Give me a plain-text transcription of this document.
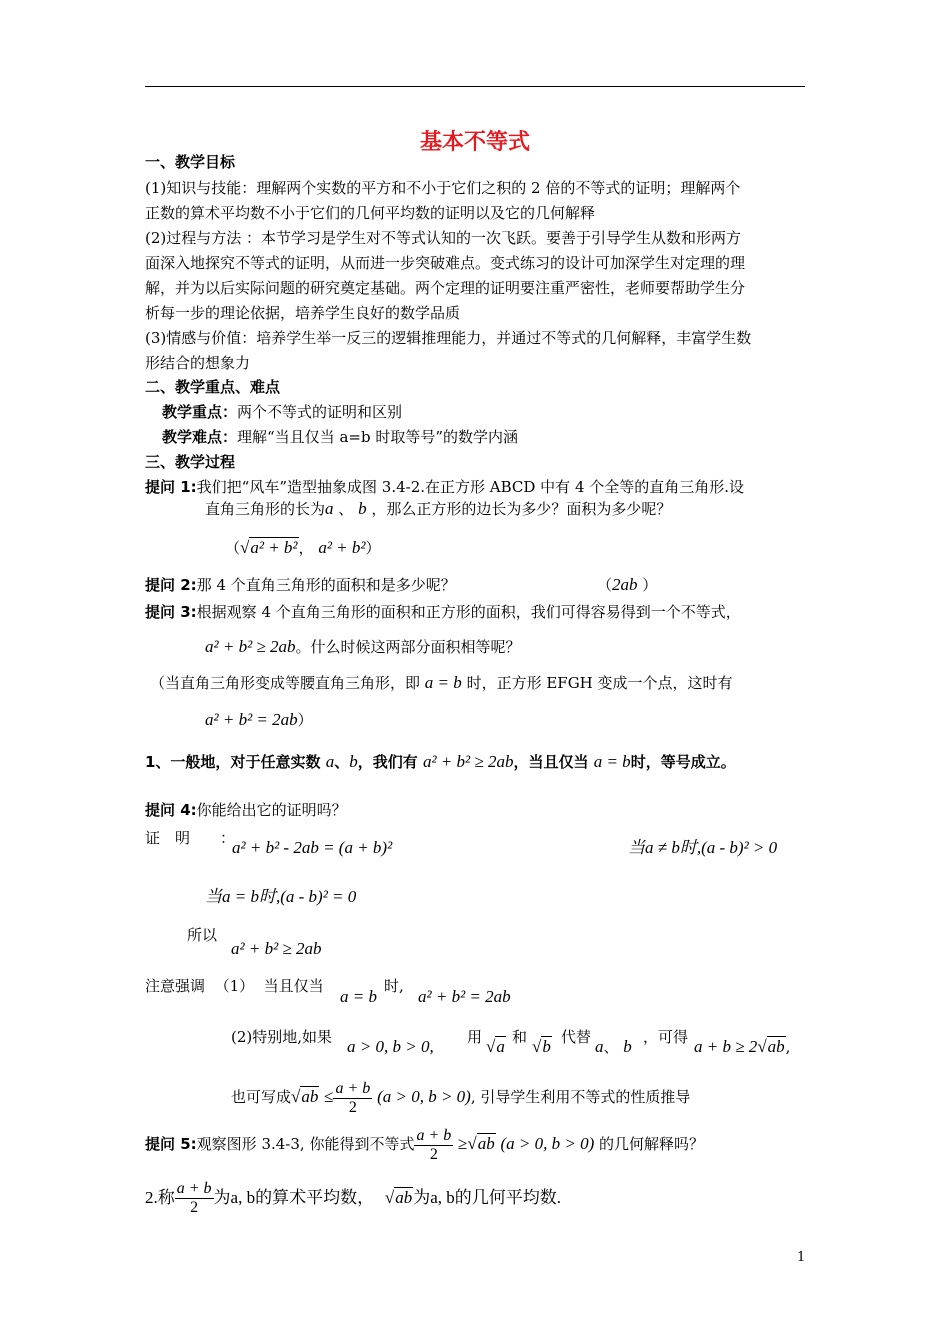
基本不等式
一、教学目标
(1)知识与技能：理解两个实数的平方和不小于它们之积的 2 倍的不等式的证明；理解两个
正数的算术平均数不小于它们的几何平均数的证明以及它的几何解释
(2)过程与方法 ：本节学习是学生对不等式认知的一次飞跃。要善于引导学生从数和形两方
面深入地探究不等式的证明，从而进一步突破难点。变式练习的设计可加深学生对定理的理
解，并为以后实际问题的研究奠定基础。两个定理的证明要注重严密性，老师要帮助学生分
析每一步的理论依据，培养学生良好的数学品质
(3)情感与价值：培养学生举一反三的逻辑推理能力，并通过不等式的几何解释，丰富学生数
形结合的想象力
二、教学重点、难点
教学重点：两个不等式的证明和区别
教学难点：理解“当且仅当 a=b 时取等号”的数学内涵
三、教学过程
提问 1:我们把“风车”造型抽象成图 3.4-2.在正方形 ABCD 中有 4 个全等的直角三角形.设
直角三角形的长为a 、 b ，那么正方形的边长为多少？面积为多少呢？
（√a² + b²， a² + b²）
提问 2:那 4 个直角三角形的面积和是多少呢？	（2ab ）
提问 3:根据观察 4 个直角三角形的面积和正方形的面积，我们可得容易得到一个不等式，
a² + b² ≥ 2ab。什么时候这两部分面积相等呢？
（当直角三角形变成等腰直角三角形，即 a = b 时，正方形 EFGH 变成一个点，这时有
a² + b² = 2ab）
1、一般地，对于任意实数 a、b，我们有 a² + b² ≥ 2ab，当且仅当 a = b时，等号成立。
提问 4:你能给出它的证明吗？
证　明 ：
a² + b² - 2ab = (a + b)²	当a ≠ b时,(a - b)² > 0
当a = b时,(a - b)² = 0
所以
a² + b² ≥ 2ab
注意强调 （1） 当且仅当
a = b
时,
a² + b² = 2ab
(2)特别地,如果 a > 0, b > 0, 用 √a 和 √b 代替 a、 b ，可得 a + b ≥ 2√ab,
也可写成$√ab \le \frac{a + b}{2} (a > 0$, b > 0), 引导学生利用不等式的性质推导
提问 5:观察图形 3.4-3, 你能得到不等式 $\frac{a + b}{2} \ge√ab$ (a > 0, b > 0) 的几何解释吗？
2.称 $\frac{a + b}{2}$ 为a, b的算术平均数， √ab为a, b的几何平均数.
1
